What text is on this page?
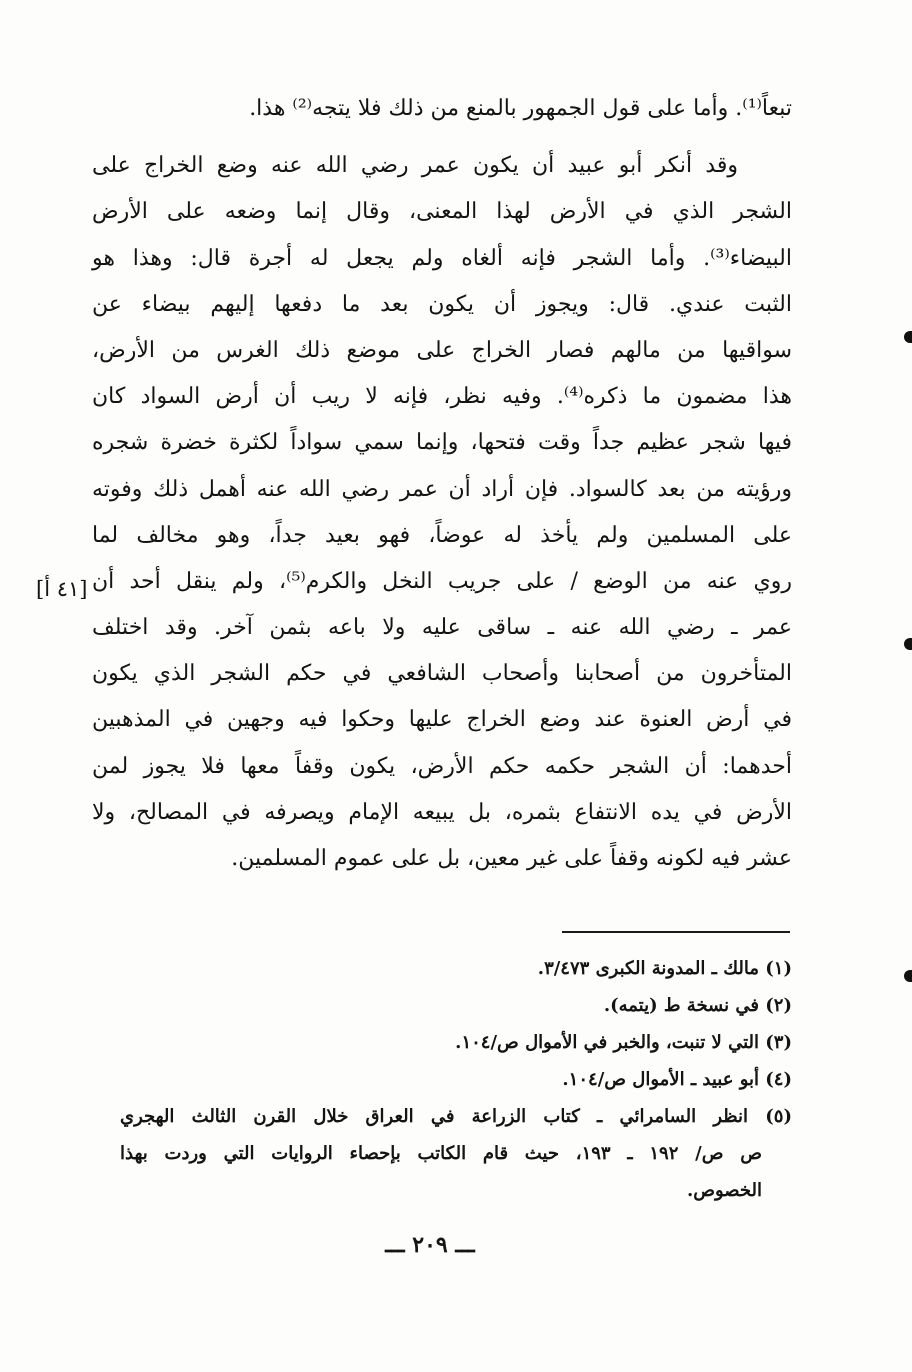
تبعاً⁽¹⁾. وأما على قول الجمهور بالمنع من ذلك فلا يتجه⁽²⁾ هذا.
وقد أنكر أبو عبيد أن يكون عمر رضي الله عنه وضع الخراج على
الشجر الذي في الأرض لهذا المعنى، وقال إنما وضعه على الأرض
البيضاء⁽³⁾. وأما الشجر فإنه ألغاه ولم يجعل له أجرة قال: وهذا هو
الثبت عندي. قال: ويجوز أن يكون بعد ما دفعها إليهم بيضاء عن
سواقيها من مالهم فصار الخراج على موضع ذلك الغرس من الأرض،
هذا مضمون ما ذكره⁽⁴⁾. وفيه نظر، فإنه لا ريب أن أرض السواد كان
فيها شجر عظيم جداً وقت فتحها، وإنما سمي سواداً لكثرة خضرة شجره
ورؤيته من بعد كالسواد. فإن أراد أن عمر رضي الله عنه أهمل ذلك وفوته
على المسلمين ولم يأخذ له عوضاً، فهو بعيد جداً، وهو مخالف لما
روي عنه من الوضع / على جريب النخل والكرم⁽⁵⁾، ولم ينقل أحد أن
عمر ـ رضي الله عنه ـ ساقى عليه ولا باعه بثمن آخر. وقد اختلف
المتأخرون من أصحابنا وأصحاب الشافعي في حكم الشجر الذي يكون
في أرض العنوة عند وضع الخراج عليها وحكوا فيه وجهين في المذهبين
أحدهما: أن الشجر حكمه حكم الأرض، يكون وقفاً معها فلا يجوز لمن
الأرض في يده الانتفاع بثمره، بل يبيعه الإمام ويصرفه في المصالح، ولا
عشر فيه لكونه وقفاً على غير معين، بل على عموم المسلمين.
[٤١ أ]
(١) مالك ـ المدونة الكبرى ٣/٤٧٣.
(٢) في نسخة ط (يتمه).
(٣) التي لا تنبت، والخبر في الأموال ص/١٠٤.
(٤) أبو عبيد ـ الأموال ص/١٠٤.
(٥) انظر السامرائي ـ كتاب الزراعة في العراق خلال القرن الثالث الهجري
ص ص/ ١٩٢ ـ ١٩٣، حيث قام الكاتب بإحصاء الروايات التي وردت بهذا
الخصوص.
ـــ ٢٠٩ ـــ
